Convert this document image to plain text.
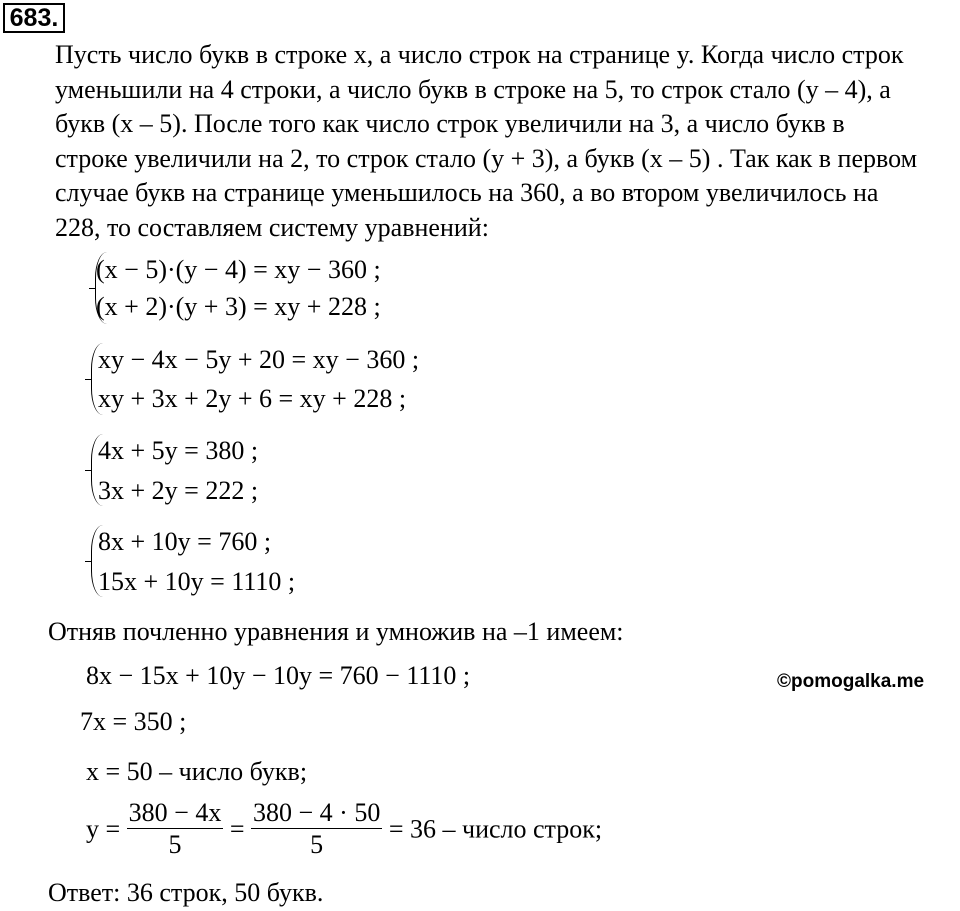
683.
Пусть число букв в строке x, а число строк на странице y. Когда число строк
уменьшили на 4 строки, а число букв в строке на 5, то строк стало (y – 4), а
букв (x – 5). После того как число строк увеличили на 3, а число букв в
строке увеличили на 2, то строк стало (y + 3), а букв (x – 5) . Так как в первом
случае букв на странице уменьшилось на 360, а во втором увеличилось на
228, то составляем систему уравнений:
(x − 5)·(y − 4) = xy − 360 ;
(x + 2)·(y + 3) = xy + 228 ;
xy − 4x − 5y + 20 = xy − 360 ;
xy + 3x + 2y + 6 = xy + 228 ;
4x + 5y = 380 ;
3x + 2y = 222 ;
8x + 10y = 760 ;
15x + 10y = 1110 ;
Отняв почленно уравнения и умножив на –1 имеем:
8x − 15x + 10y − 10y = 760 − 1110 ;	©pomogalka.me
7x = 350 ;
x = 50 – число букв;
$y = \frac{380 - 4x}{5} = \frac{380 - 4 \cdot 50}{5} = 36$ – число строк;
Ответ: 36 строк, 50 букв.
